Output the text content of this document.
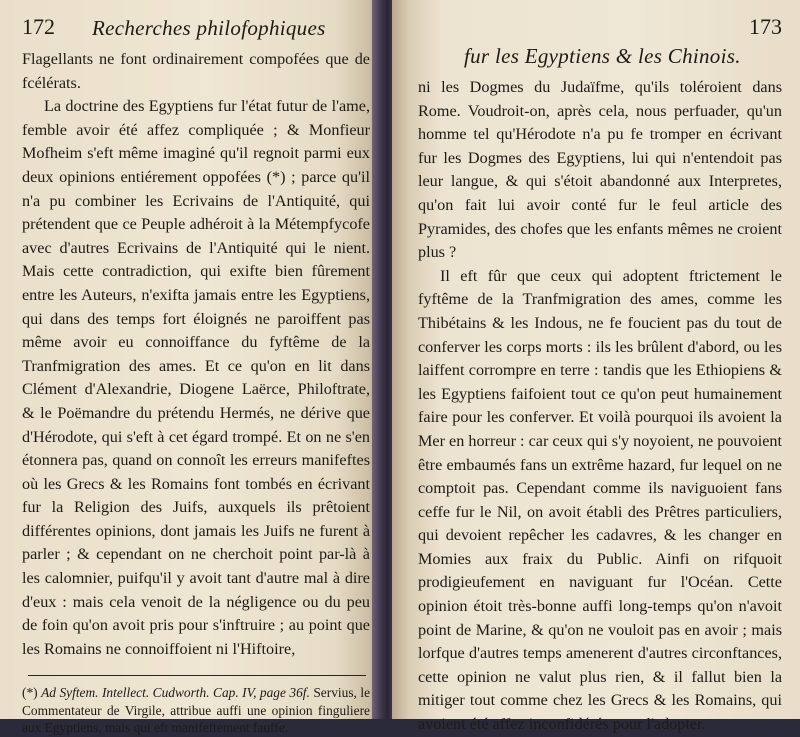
172 Recherches philofophiques

Flagellants ne font ordinairement compofées que de fcélérats.

La doctrine des Egyptiens fur l'état futur de l'ame, femble avoir été affez compliquée ; & Monfieur Mofheim s'eft même imaginé qu'il regnoit parmi eux deux opinions entiérement oppofées (*) ; parce qu'il n'a pu combiner les Ecrivains de l'Antiquité, qui prétendent que ce Peuple adhéroit à la Métempfycofe avec d'autres Ecrivains de l'Antiquité qui le nient. Mais cette contradiction, qui exifte bien fûrement entre les Auteurs, n'exifta jamais entre les Egyptiens, qui dans des temps fort éloignés ne paroiffent pas même avoir eu connoiffance du fyftême de la Tranfmigration des ames. Et ce qu'on en lit dans Clément d'Alexandrie, Diogene Laërce, Philoftrate, & le Poëmandre du prétendu Hermés, ne dérive que d'Hérodote, qui s'eft à cet égard trompé. Et on ne s'en étonnera pas, quand on connoît les erreurs manifeftes où les Grecs & les Romains font tombés en écrivant fur la Religion des Juifs, auxquels ils prêtoient différentes opinions, dont jamais les Juifs ne furent à parler ; & cependant on ne cherchoit point par-là à les calomnier, puifqu'il y avoit tant d'autre mal à dire d'eux : mais cela venoit de la négligence ou du peu de foin qu'on avoit pris pour s'inftruire ; au point que les Romains ne connoiffoient ni l'Hiftoire,

(*) Ad Syftem. Intellect. Cudworth. Cap. IV, page 36f. Servius, le Commentateur de Virgile, attribue auffi une opinion finguliere aux Egyptiens, mais qui eft manifeftement fauffe.

fur les Egyptiens & les Chinois.
173

ni les Dogmes du Judaïfme, qu'ils toléroient dans Rome. Voudroit-on, après cela, nous perfuader, qu'un homme tel qu'Hérodote n'a pu fe tromper en écrivant fur les Dogmes des Egyptiens, lui qui n'entendoit pas leur langue, & qui s'étoit abandonné aux Interpretes, qu'on fait lui avoir conté fur le feul article des Pyramides, des chofes que les enfants mêmes ne croient plus ?

Il eft fûr que ceux qui adoptent ftrictement le fyftême de la Tranfmigration des ames, comme les Thibétains & les Indous, ne fe foucient pas du tout de conferver les corps morts : ils les brûlent d'abord, ou les laiffent corrompre en terre : tandis que les Ethiopiens & les Egyptiens faifoient tout ce qu'on peut humainement faire pour les conferver. Et voilà pourquoi ils avoient la Mer en horreur : car ceux qui s'y noyoient, ne pouvoient être embaumés fans un extrême hazard, fur lequel on ne comptoit pas. Cependant comme ils naviguoient fans ceffe fur le Nil, on avoit établi des Prêtres particuliers, qui devoient repêcher les cadavres, & les changer en Momies aux fraix du Public. Ainfi on rifquoit prodigieufement en naviguant fur l'Océan. Cette opinion étoit très-bonne auffi long-temps qu'on n'avoit point de Marine, & qu'on ne vouloit pas en avoir ; mais lorfque d'autres temps amenerent d'autres circonftances, cette opinion ne valut plus rien, & il fallut bien la mitiger tout comme chez les Grecs & les Romains, qui avoient été affez inconfidérés pour l'adopter.
